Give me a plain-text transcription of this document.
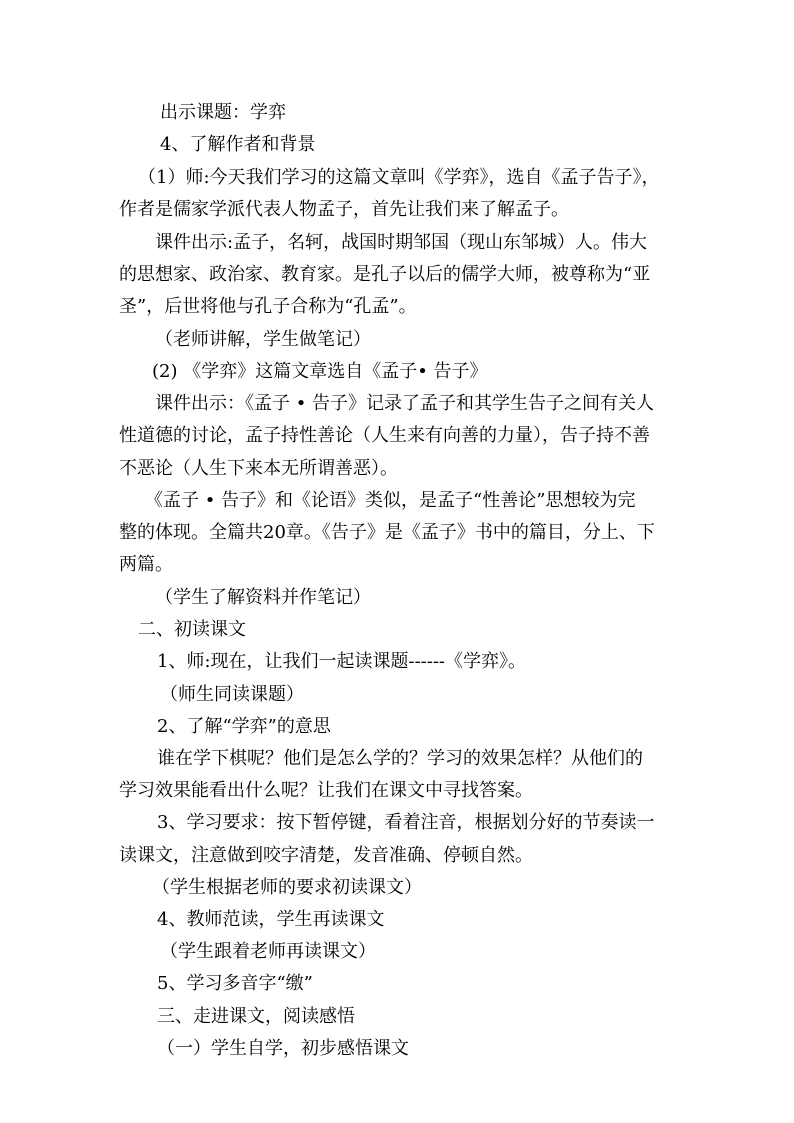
出示课题：学弈
4、了解作者和背景
（1）师:今天我们学习的这篇文章叫《学弈》，选自《孟子告子》，
作者是儒家学派代表人物孟子，首先让我们来了解孟子。
课件出示:孟子，名轲，战国时期邹国（现山东邹城）人。伟大
的思想家、政治家、教育家。是孔子以后的儒学大师，被尊称为“亚
圣”，后世将他与孔子合称为“孔孟”。
（老师讲解，学生做笔记）
(2) 《学弈》这篇文章选自《孟子• 告子》
课件出示：《孟子 • 告子》记录了孟子和其学生告子之间有关人
性道德的讨论，孟子持性善论（人生来有向善的力量），告子持不善
不恶论（人生下来本无所谓善恶）。
《孟子 • 告子》和《论语》类似，是孟子“性善论”思想较为完
整的体现。全篇共20章。《告子》是《孟子》书中的篇目，分上、下
两篇。
（学生了解资料并作笔记）
二、初读课文
1、师:现在，让我们一起读课题------《学弈》。
（师生同读课题）
2、了解“学弈”的意思
谁在学下棋呢？他们是怎么学的？学习的效果怎样？从他们的
学习效果能看出什么呢？让我们在课文中寻找答案。
3、学习要求：按下暂停键，看着注音，根据划分好的节奏读一
读课文，注意做到咬字清楚，发音准确、停顿自然。
（学生根据老师的要求初读课文）
4、教师范读，学生再读课文
（学生跟着老师再读课文）
5、学习多音字“缴”
三、走进课文，阅读感悟
（一）学生自学，初步感悟课文
